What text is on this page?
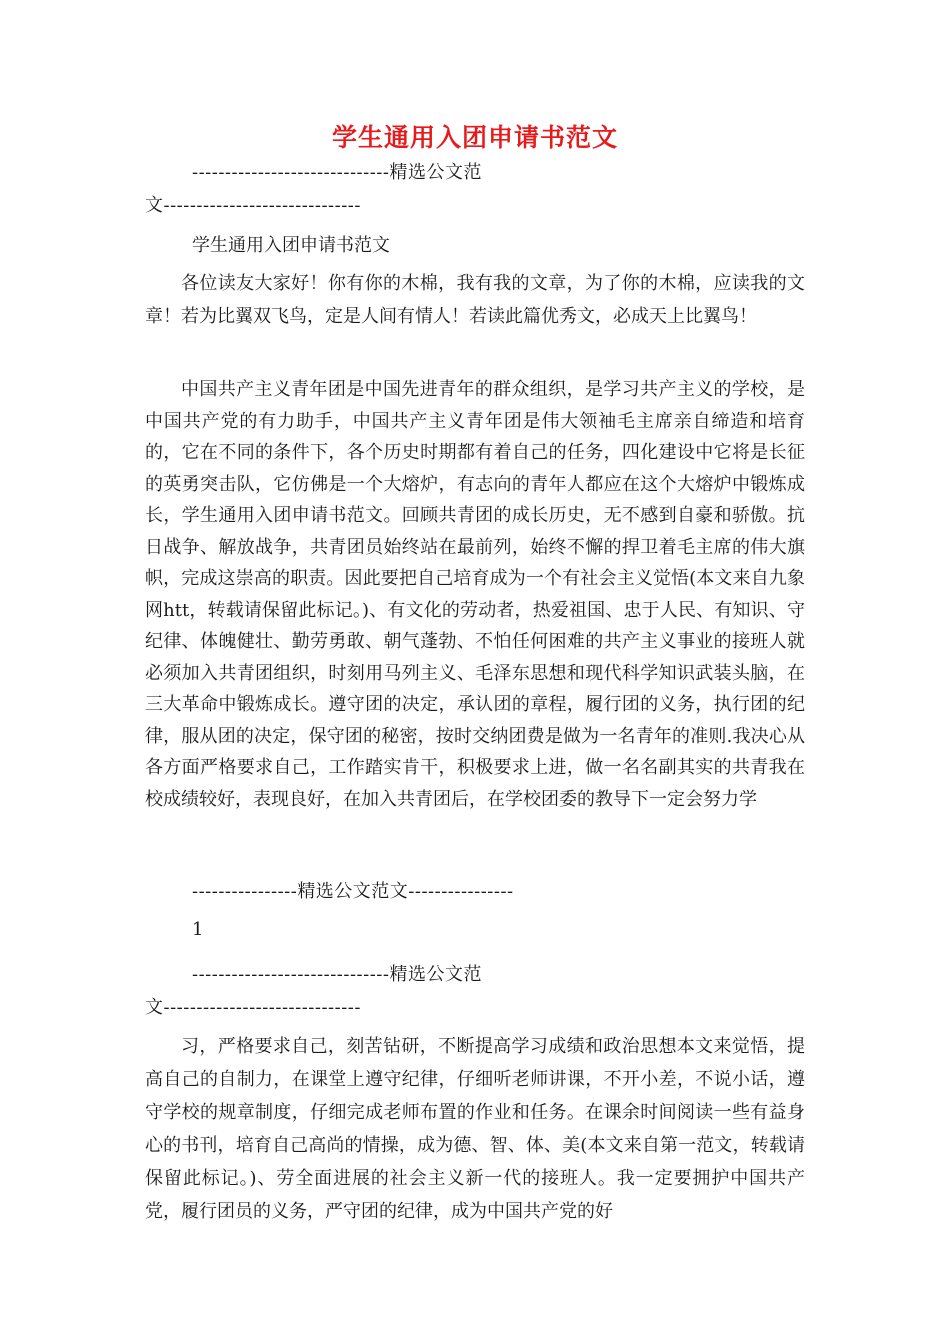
学生通用入团申请书范文
------------------------------精选公文范
文------------------------------
学生通用入团申请书范文

各位读友大家好！你有你的木棉，我有我的文章，为了你的木棉，应读我的文章！若为比翼双飞鸟，定是人间有情人！若读此篇优秀文，必成天上比翼鸟！

中国共产主义青年团是中国先进青年的群众组织，是学习共产主义的学校，是中国共产党的有力助手，中国共产主义青年团是伟大领袖毛主席亲自缔造和培育的，它在不同的条件下，各个历史时期都有着自己的任务，四化建设中它将是长征的英勇突击队，它仿佛是一个大熔炉，有志向的青年人都应在这个大熔炉中锻炼成长，学生通用入团申请书范文。回顾共青团的成长历史，无不感到自豪和骄傲。抗日战争、解放战争，共青团员始终站在最前列，始终不懈的捍卫着毛主席的伟大旗帜，完成这崇高的职责。因此要把自己培育成为一个有社会主义觉悟(本文来自九象网htt，转载请保留此标记。)、有文化的劳动者，热爱祖国、忠于人民、有知识、守纪律、体魄健壮、勤劳勇敢、朝气蓬勃、不怕任何困难的共产主义事业的接班人就必须加入共青团组织，时刻用马列主义、毛泽东思想和现代科学知识武装头脑，在三大革命中锻炼成长。遵守团的决定，承认团的章程，履行团的义务，执行团的纪律，服从团的决定，保守团的秘密，按时交纳团费是做为一名青年的准则.我决心从各方面严格要求自己，工作踏实肯干，积极要求上进，做一名名副其实的共青我在校成绩较好，表现良好，在加入共青团后，在学校团委的教导下一定会努力学

----------------精选公文范文----------------
1
------------------------------精选公文范
文------------------------------

习，严格要求自己，刻苦钻研，不断提高学习成绩和政治思想本文来觉悟，提高自己的自制力，在课堂上遵守纪律，仔细听老师讲课，不开小差，不说小话，遵守学校的规章制度，仔细完成老师布置的作业和任务。在课余时间阅读一些有益身心的书刊，培育自己高尚的情操，成为德、智、体、美(本文来自第一范文，转载请保留此标记。)、劳全面进展的社会主义新一代的接班人。我一定要拥护中国共产党，履行团员的义务，严守团的纪律，成为中国共产党的好
